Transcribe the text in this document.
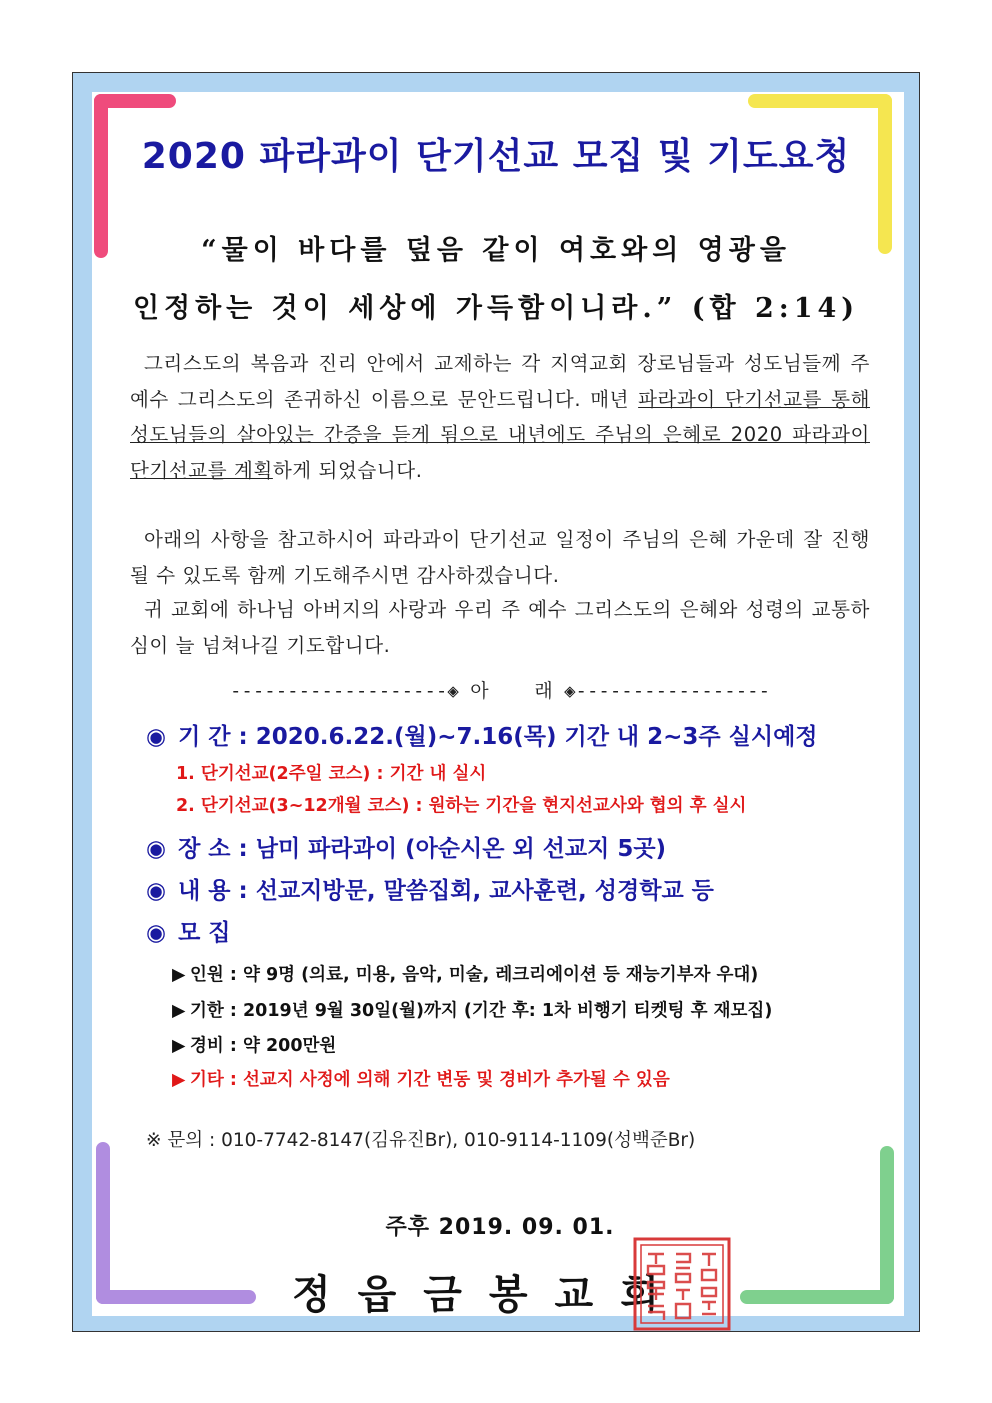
2020 파라과이 단기선교 모집 및 기도요청
“물이 바다를 덮음 같이 여호와의 영광을
인정하는 것이 세상에 가득함이니라.” (합 2:14)
그리스도의 복음과 진리 안에서 교제하는 각 지역교회 장로님들과 성도님들께 주 예수 그리스도의 존귀하신 이름으로 문안드립니다. 매년 파라과이 단기선교를 통해 성도님들의 살아있는 간증을 듣게 됨으로 내년에도 주님의 은혜로 2020 파라과이 단기선교를 계획하게 되었습니다.
아래의 사항을 참고하시어 파라과이 단기선교 일정이 주님의 은혜 가운데 잘 진행될 수 있도록 함께 기도해주시면 감사하겠습니다.
귀 교회에 하나님 아버지의 사랑과 우리 주 예수 그리스도의 은혜와 성령의 교통하심이 늘 넘쳐나길 기도합니다.
-------------------◈ 아    래 ◈-----------------
◉ 기 간 : 2020.6.22.(월)~7.16(목) 기간 내 2~3주 실시예정
1. 단기선교(2주일 코스) : 기간 내 실시
2. 단기선교(3~12개월 코스) : 원하는 기간을 현지선교사와 협의 후 실시
◉ 장 소 : 남미 파라과이 (아순시온 외 선교지 5곳)
◉ 내 용 : 선교지방문, 말씀집회, 교사훈련, 성경학교 등
◉ 모 집
▶ 인원 : 약 9명 (의료, 미용, 음악, 미술, 레크리에이션 등 재능기부자 우대)
▶ 기한 : 2019년 9월 30일(월)까지 (기간 후: 1차 비행기 티켓팅 후 재모집)
▶ 경비 : 약 200만원
▶ 기타 : 선교지 사정에 의해 기간 변동 및 경비가 추가될 수 있음
※ 문의 : 010-7742-8147(김유진Br), 010-9114-1109(성백준Br)
주후 2019. 09. 01.
정읍금봉교회
